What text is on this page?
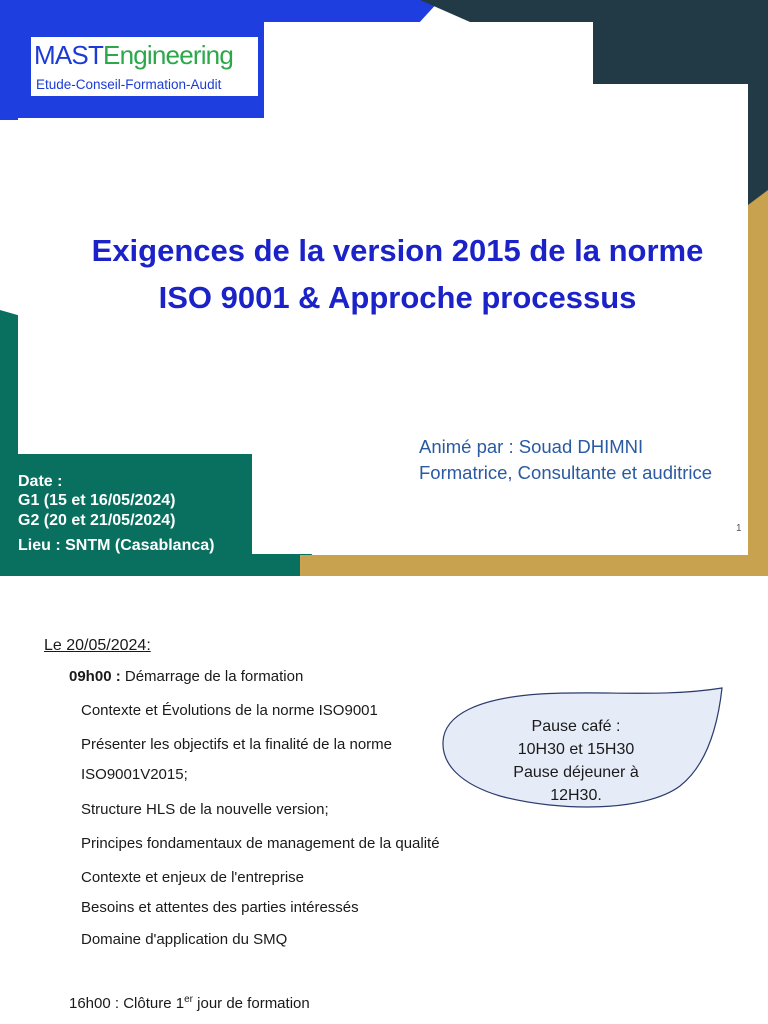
MASTEngineering
Etude-Conseil-Formation-Audit
Exigences de la version 2015 de la norme
ISO 9001 & Approche processus
Animé par : Souad DHIMNI
Formatrice, Consultante et auditrice
1
Date :
G1 (15 et 16/05/2024)
G2 (20 et 21/05/2024)
Lieu : SNTM (Casablanca)
Le 20/05/2024:
09h00 : Démarrage de la formation
Contexte et Évolutions de la norme ISO9001
Présenter les objectifs et la finalité de la norme
ISO9001V2015;
Structure HLS de la nouvelle version;
Principes fondamentaux de management de la qualité
Contexte et enjeux de l'entreprise
Besoins et attentes des parties intéressés
Domaine d'application du SMQ
16h00 : Clôture 1er jour de formation
Pause café :
10H30 et 15H30
Pause déjeuner à
12H30.
